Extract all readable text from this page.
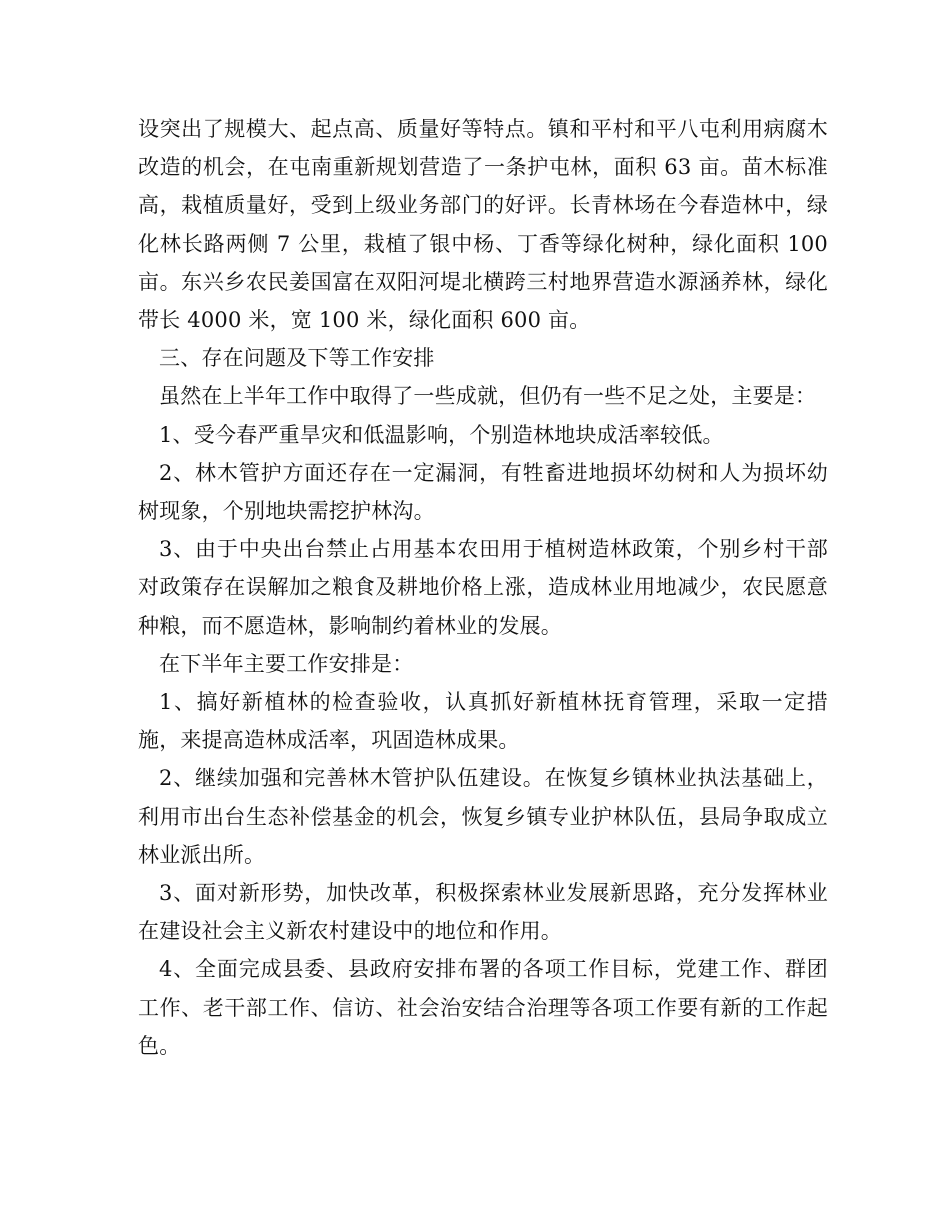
设突出了规模大、起点高、质量好等特点。镇和平村和平八屯利用病腐木改造的机会，在屯南重新规划营造了一条护屯林，面积 63 亩。苗木标准高，栽植质量好，受到上级业务部门的好评。长青林场在今春造林中，绿化林长路两侧 7 公里，栽植了银中杨、丁香等绿化树种，绿化面积 100 亩。东兴乡农民姜国富在双阳河堤北横跨三村地界营造水源涵养林，绿化带长 4000 米，宽 100 米，绿化面积 600 亩。

三、存在问题及下等工作安排

虽然在上半年工作中取得了一些成就，但仍有一些不足之处，主要是：

1、受今春严重旱灾和低温影响，个别造林地块成活率较低。

2、林木管护方面还存在一定漏洞，有牲畜进地损坏幼树和人为损坏幼树现象，个别地块需挖护林沟。

3、由于中央出台禁止占用基本农田用于植树造林政策，个别乡村干部对政策存在误解加之粮食及耕地价格上涨，造成林业用地减少，农民愿意种粮，而不愿造林，影响制约着林业的发展。

在下半年主要工作安排是：

1、搞好新植林的检查验收，认真抓好新植林抚育管理，采取一定措施，来提高造林成活率，巩固造林成果。

2、继续加强和完善林木管护队伍建设。在恢复乡镇林业执法基础上，利用市出台生态补偿基金的机会，恢复乡镇专业护林队伍，县局争取成立林业派出所。

3、面对新形势，加快改革，积极探索林业发展新思路，充分发挥林业在建设社会主义新农村建设中的地位和作用。

4、全面完成县委、县政府安排布署的各项工作目标，党建工作、群团工作、老干部工作、信访、社会治安结合治理等各项工作要有新的工作起色。
